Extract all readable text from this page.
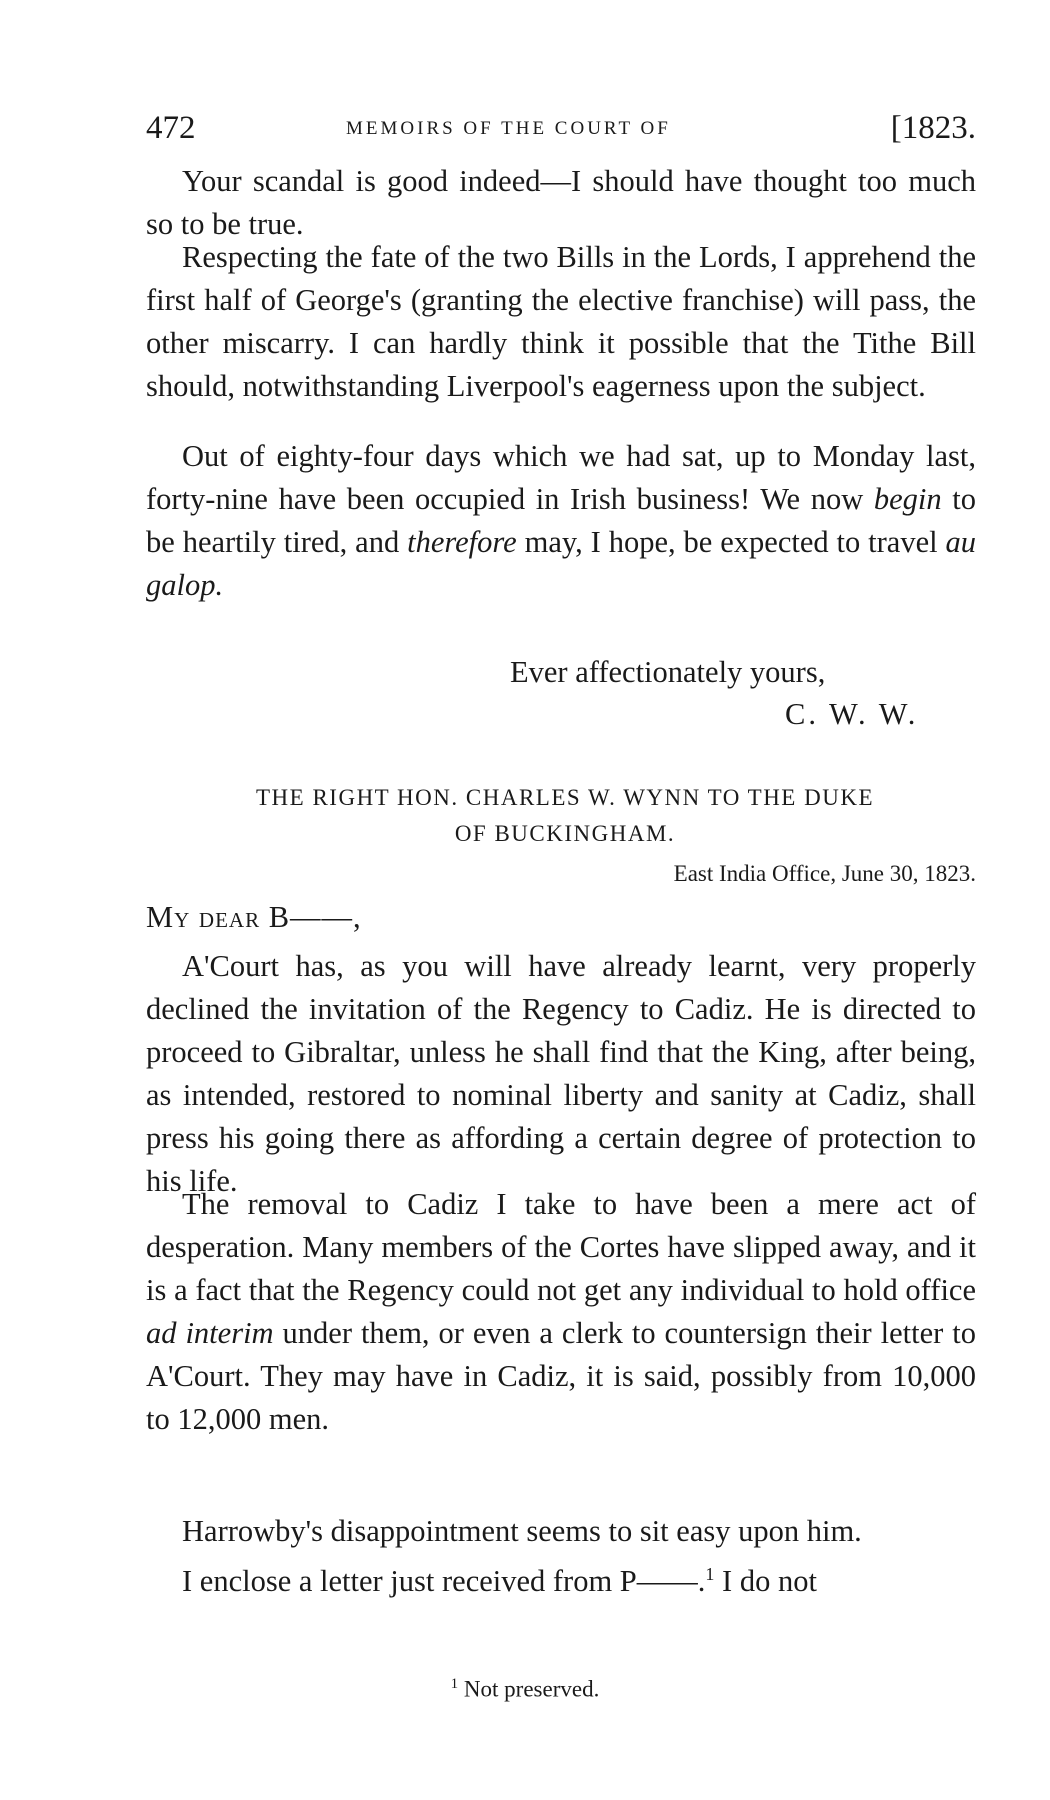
472	MEMOIRS OF THE COURT OF	[1823.

Your scandal is good indeed—I should have thought too much so to be true.

Respecting the fate of the two Bills in the Lords, I apprehend the first half of George's (granting the elective franchise) will pass, the other miscarry. I can hardly think it possible that the Tithe Bill should, notwithstanding Liverpool's eagerness upon the subject.

Out of eighty-four days which we had sat, up to Monday last, forty-nine have been occupied in Irish business! We now begin to be heartily tired, and therefore may, I hope, be expected to travel au galop.

Ever affectionately yours,
C. W. W.
THE RIGHT HON. CHARLES W. WYNN TO THE DUKE
OF BUCKINGHAM.
East India Office, June 30, 1823.
My dear B——,

A'Court has, as you will have already learnt, very properly declined the invitation of the Regency to Cadiz. He is directed to proceed to Gibraltar, unless he shall find that the King, after being, as intended, restored to nominal liberty and sanity at Cadiz, shall press his going there as affording a certain degree of protection to his life.

The removal to Cadiz I take to have been a mere act of desperation. Many members of the Cortes have slipped away, and it is a fact that the Regency could not get any individual to hold office ad interim under them, or even a clerk to countersign their letter to A'Court. They may have in Cadiz, it is said, possibly from 10,000 to 12,000 men.

Harrowby's disappointment seems to sit easy upon him.

I enclose a letter just received from P——.$^1$ I do not

$^1$ Not preserved.
